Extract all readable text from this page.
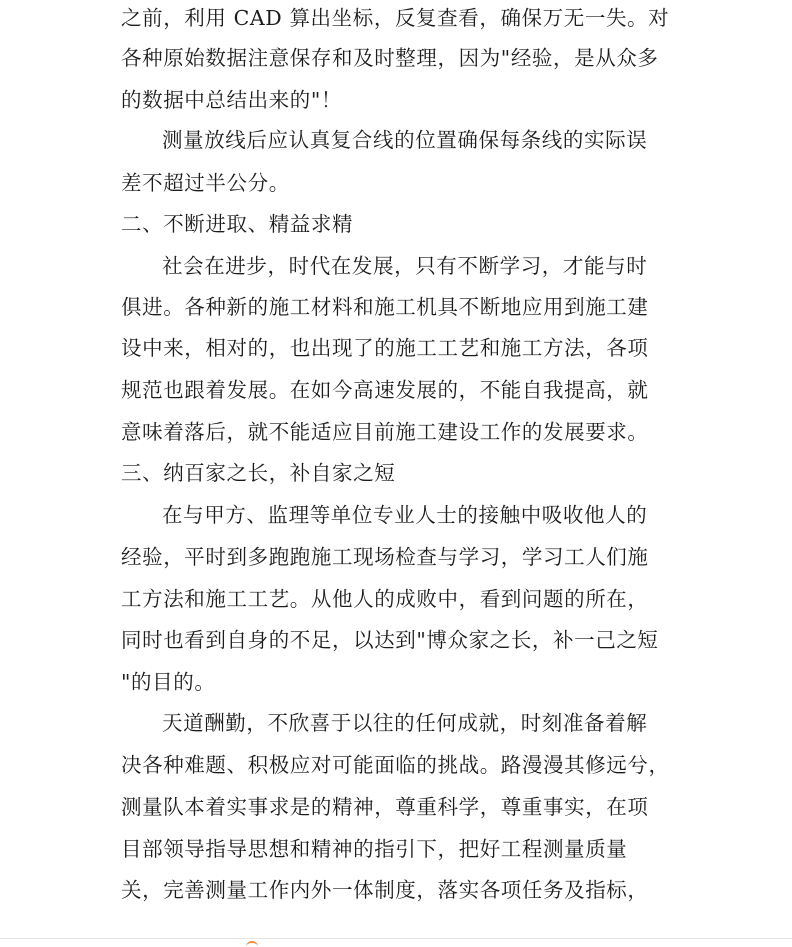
之前，利用 CAD 算出坐标，反复查看，确保万无一失。对
各种原始数据注意保存和及时整理，因为"经验，是从众多
的数据中总结出来的"！
测量放线后应认真复合线的位置确保每条线的实际误
差不超过半公分。
二、不断进取、精益求精
社会在进步，时代在发展，只有不断学习，才能与时
俱进。各种新的施工材料和施工机具不断地应用到施工建
设中来，相对的，也出现了的施工工艺和施工方法，各项
规范也跟着发展。在如今高速发展的，不能自我提高，就
意味着落后，就不能适应目前施工建设工作的发展要求。
三、纳百家之长，补自家之短
在与甲方、监理等单位专业人士的接触中吸收他人的
经验，平时到多跑跑施工现场检查与学习，学习工人们施
工方法和施工工艺。从他人的成败中，看到问题的所在，
同时也看到自身的不足，以达到"博众家之长，补一己之短
"的目的。
天道酬勤，不欣喜于以往的任何成就，时刻准备着解
决各种难题、积极应对可能面临的挑战。路漫漫其修远兮，
测量队本着实事求是的精神，尊重科学，尊重事实，在项
目部领导指导思想和精神的指引下，把好工程测量质量
关，完善测量工作内外一体制度，落实各项任务及指标，
